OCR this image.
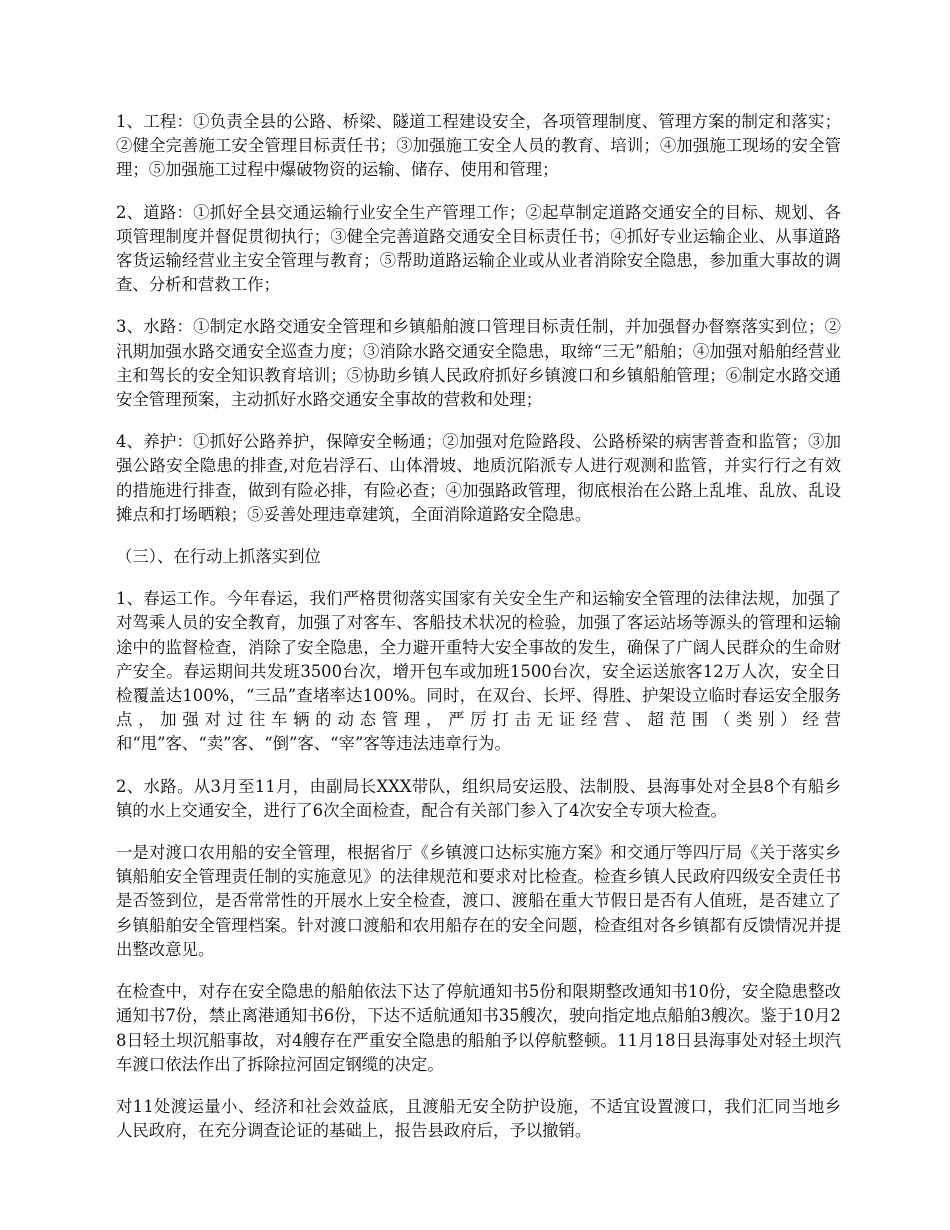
1、工程：①负责全县的公路、桥梁、隧道工程建设安全，各项管理制度、管理方案的制定和落实；②健全完善施工安全管理目标责任书；③加强施工安全人员的教育、培训；④加强施工现场的安全管理；⑤加强施工过程中爆破物资的运输、储存、使用和管理；

2、道路：①抓好全县交通运输行业安全生产管理工作；②起草制定道路交通安全的目标、规划、各项管理制度并督促贯彻执行；③健全完善道路交通安全目标责任书；④抓好专业运输企业、从事道路客货运输经营业主安全管理与教育；⑤帮助道路运输企业或从业者消除安全隐患，参加重大事故的调查、分析和营救工作；

3、水路：①制定水路交通安全管理和乡镇船舶渡口管理目标责任制，并加强督办督察落实到位；②汛期加强水路交通安全巡查力度；③消除水路交通安全隐患，取缔“三无”船舶；④加强对船舶经营业主和驾长的安全知识教育培训；⑤协助乡镇人民政府抓好乡镇渡口和乡镇船舶管理；⑥制定水路交通安全管理预案，主动抓好水路交通安全事故的营救和处理；

4、养护：①抓好公路养护，保障安全畅通；②加强对危险路段、公路桥梁的病害普查和监管；③加强公路安全隐患的排查,对危岩浮石、山体滑坡、地质沉陷派专人进行观测和监管，并实行行之有效的措施进行排查，做到有险必排，有险必查；④加强路政管理，彻底根治在公路上乱堆、乱放、乱设摊点和打场晒粮；⑤妥善处理违章建筑，全面消除道路安全隐患。

（三）、在行动上抓落实到位

1、春运工作。今年春运，我们严格贯彻落实国家有关安全生产和运输安全管理的法律法规，加强了对驾乘人员的安全教育，加强了对客车、客船技术状况的检验，加强了客运站场等源头的管理和运输途中的监督检查，消除了安全隐患，全力避开重特大安全事故的发生，确保了广阔人民群众的生命财产安全。春运期间共发班3500台次，增开包车或加班1500台次，安全运送旅客12万人次，安全日检覆盖达100%，“三品”查堵率达100%。同时，在双台、长坪、得胜、护架设立临时春运安全服务点，加强对过往车辆的动态管理，严厉打击无证经营、超范围（类别）经营和“甩”客、“卖”客、“倒”客、“宰”客等违法违章行为。

2、水路。从3月至11月，由副局长XXX带队，组织局安运股、法制股、县海事处对全县8个有船乡镇的水上交通安全，进行了6次全面检查，配合有关部门参入了4次安全专项大检查。

一是对渡口农用船的安全管理，根据省厅《乡镇渡口达标实施方案》和交通厅等四厅局《关于落实乡镇船舶安全管理责任制的实施意见》的法律规范和要求对比检查。检查乡镇人民政府四级安全责任书是否签到位，是否常常性的开展水上安全检查，渡口、渡船在重大节假日是否有人值班，是否建立了乡镇船舶安全管理档案。针对渡口渡船和农用船存在的安全问题，检查组对各乡镇都有反馈情况并提出整改意见。

在检查中，对存在安全隐患的船舶依法下达了停航通知书5份和限期整改通知书10份，安全隐患整改通知书7份，禁止离港通知书6份，下达不适航通知书35艘次，驶向指定地点船舶3艘次。鉴于10月28日轻土坝沉船事故，对4艘存在严重安全隐患的船舶予以停航整顿。11月18日县海事处对轻土坝汽车渡口依法作出了拆除拉河固定钢缆的决定。

对11处渡运量小、经济和社会效益底，且渡船无安全防护设施，不适宜设置渡口，我们汇同当地乡人民政府，在充分调查论证的基础上，报告县政府后，予以撤销。
